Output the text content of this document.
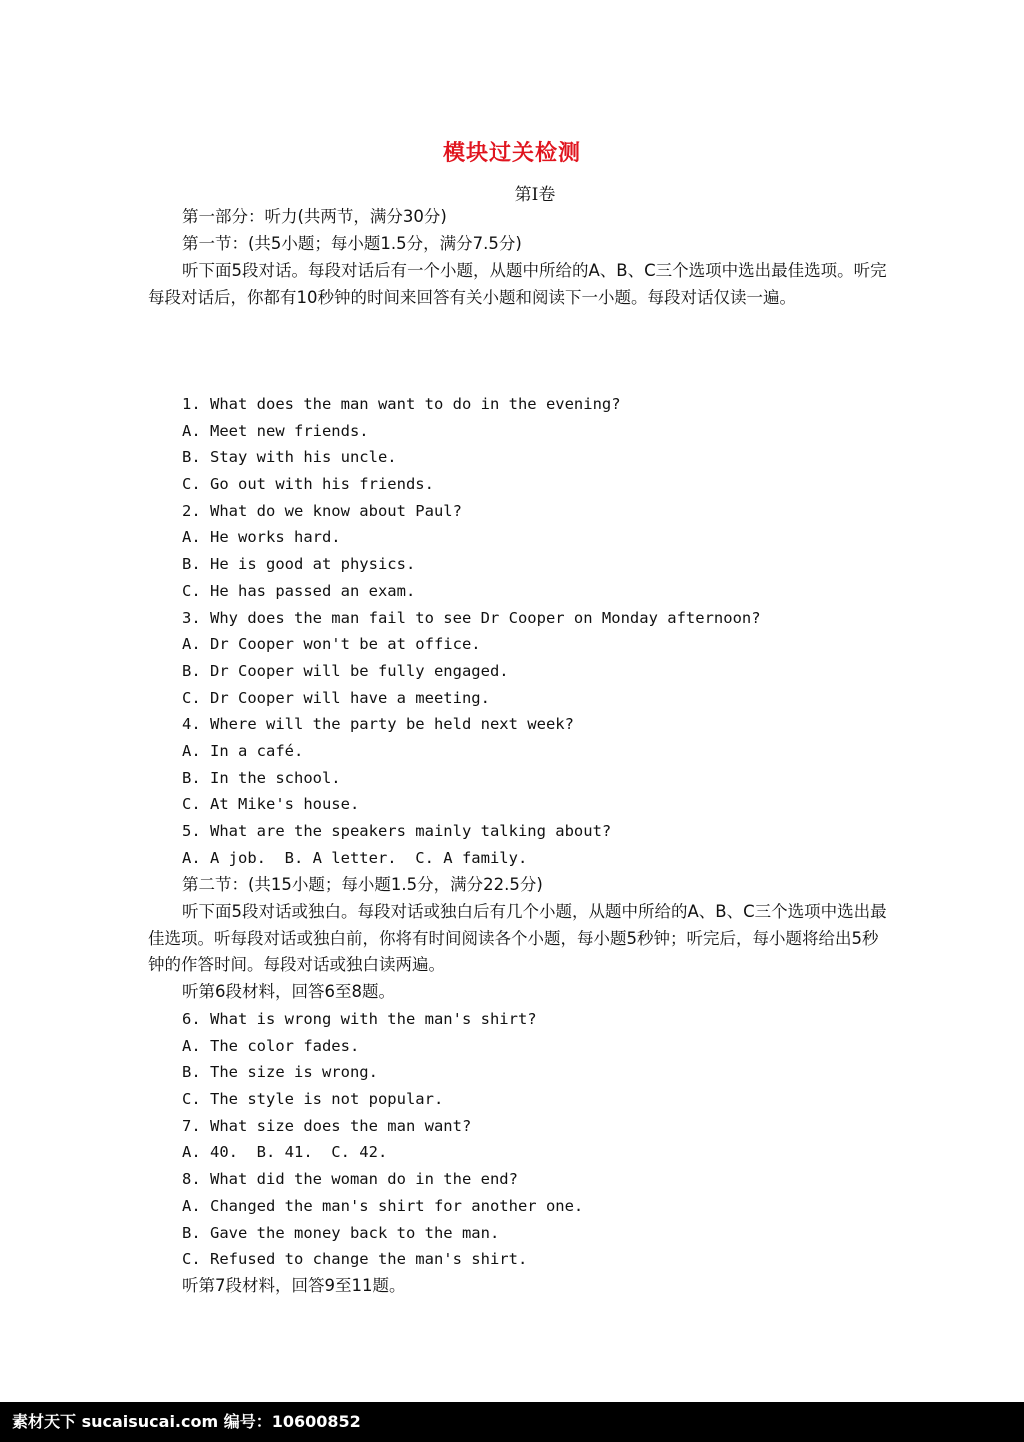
模块过关检测
第Ⅰ卷
第一部分：听力(共两节，满分30分)
第一节：(共5小题；每小题1.5分，满分7.5分)
听下面5段对话。每段对话后有一个小题，从题中所给的A、B、C三个选项中选出最佳选项。听完每段对话后，你都有10秒钟的时间来回答有关小题和阅读下一小题。每段对话仅读一遍。
1. What does the man want to do in the evening?
A. Meet new friends.
B. Stay with his uncle.
C. Go out with his friends.
2. What do we know about Paul?
A. He works hard.
B. He is good at physics.
C. He has passed an exam.
3. Why does the man fail to see Dr Cooper on Monday afternoon?
A. Dr Cooper won't be at office.
B. Dr Cooper will be fully engaged.
C. Dr Cooper will have a meeting.
4. Where will the party be held next week?
A. In a café.
B. In the school.
C. At Mike's house.
5. What are the speakers mainly talking about?
A. A job.  B. A letter.  C. A family.
第二节：(共15小题；每小题1.5分，满分22.5分)
听下面5段对话或独白。每段对话或独白后有几个小题，从题中所给的A、B、C三个选项中选出最佳选项。听每段对话或独白前，你将有时间阅读各个小题，每小题5秒钟；听完后，每小题将给出5秒钟的作答时间。每段对话或独白读两遍。
听第6段材料，回答6至8题。
6. What is wrong with the man's shirt?
A. The color fades.
B. The size is wrong.
C. The style is not popular.
7. What size does the man want?
A. 40.  B. 41.  C. 42.
8. What did the woman do in the end?
A. Changed the man's shirt for another one.
B. Gave the money back to the man.
C. Refused to change the man's shirt.
听第7段材料，回答9至11题。
素材天下 sucaisucai.com 编号：10600852
